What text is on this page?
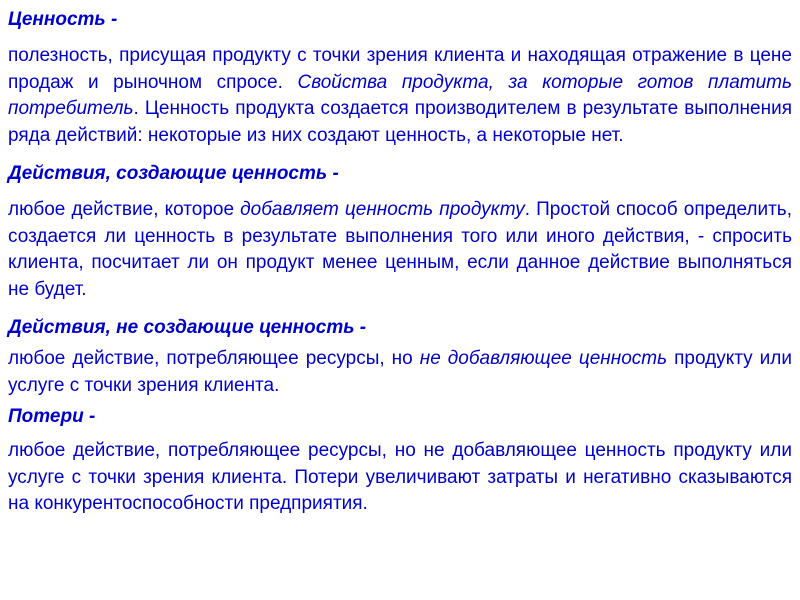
Ценность -

полезность, присущая продукту с точки зрения клиента и находящая отражение в цене продаж и рыночном спросе. Свойства продукта, за которые готов платить потребитель. Ценность продукта создается производителем в результате выполнения ряда действий: некоторые из них создают ценность, а некоторые нет.

Действия, создающие ценность -

любое действие, которое добавляет ценность продукту. Простой способ определить, создается ли ценность в результате выполнения того или иного действия, - спросить клиента, посчитает ли он продукт менее ценным, если данное действие выполняться не будет.

Действия, не создающие ценность -

любое действие, потребляющее ресурсы, но не добавляющее ценность продукту или услуге с точки зрения клиента.

Потери -

любое действие, потребляющее ресурсы, но не добавляющее ценность продукту или услуге с точки зрения клиента. Потери увеличивают затраты и негативно сказываются на конкурентоспособности предприятия.
